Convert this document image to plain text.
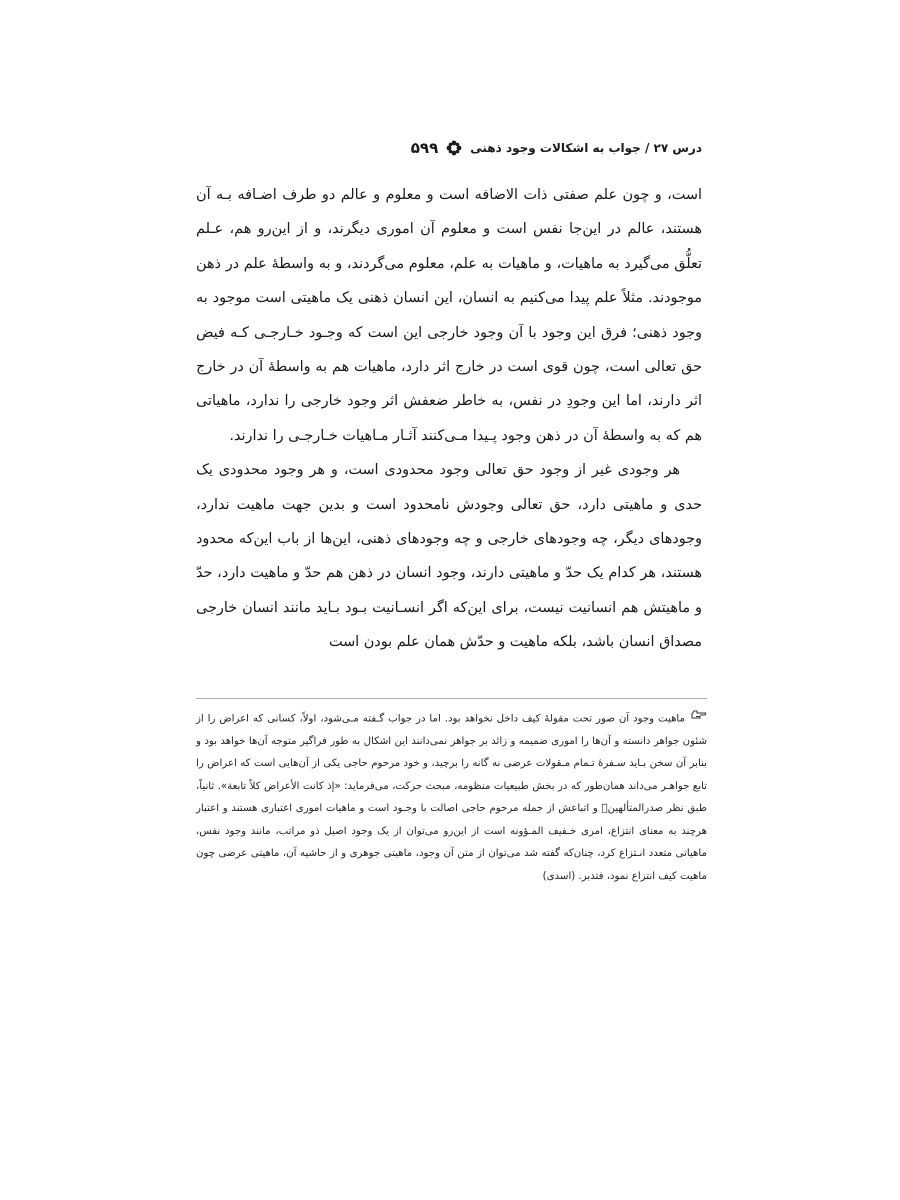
درس ۲۷ / جواب به اشکالات وجود ذهنی
۵۹۹

است، و چون علم صفتی ذات الاضافه است و معلوم و عالم دو طرف اضـافه بـه آن هستند، عالم در این‌جا نفس است و معلوم آن اموری دیگرند، و از این‌رو هم، عـلم تعلُّق می‌گیرد به ماهیات، و ماهیات به علم، معلوم می‌گردند، و به واسطهٔ علم در ذهن موجودند. مثلاً علم پیدا می‌کنیم به انسان، این انسان ذهنی یک ماهیتی است موجود به وجود ذهنی؛ فرق این وجود با آن وجود خارجی این است که وجـود خـارجـی کـه فیض حق تعالی است، چون قوی است در خارج اثر دارد، ماهیات هم به واسطهٔ آن در خارج اثر دارند، اما این وجودِ در نفس، به خاطر ضعفش اثر وجود خارجی را ندارد، ماهیاتی هم که به واسطهٔ آن در ذهن وجود پـیدا مـی‌کنند آثـار مـاهیات خـارجـی را ندارند.

هر وجودی غیر از وجود حق تعالی وجود محدودی است، و هر وجود محدودی یک حدی و ماهیتی دارد، حق تعالی وجودش نامحدود است و بدین جهت ماهیت ندارد، وجودهای دیگر، چه وجودهای خارجی و چه وجودهای ذهنی، این‌ها از باب این‌که محدود هستند، هر کدام یک حدّ و ماهیتی دارند، وجود انسان در ذهن هم حدّ و ماهیت دارد، حدّ و ماهیتش هم انسانیت نیست، برای این‌که اگر انسـانیت بـود بـاید مانند انسان خارجی مصداق انسان باشد، بلکه ماهیت و حدّش همان علم بودن است

ماهیت وجود آن صور تحت مقولهٔ کیف داخل نخواهد بود. اما در جواب گـفته مـی‌شود، اولاً، کسانی که اعراض را از شئون جواهر دانسته و آن‌ها را اموری ضمیمه و زائد بر جواهر نمی‌دانند این اشکال به طور فراگیر متوجه آن‌ها خواهد بود و بنابر آن سخن بـاید سـفرهٔ تـمام مـقولات عرضی نه گانه را برچید، و خود مرحوم حاجی یکی از آن‌هایی است که اعراض را تابع جواهـر می‌داند همان‌طور که در بخش طبیعیات منظومه، مبحث حرکت، می‌فرماید: «إذ کانت الأعراض کلاً تابعة». ثانیاً، طبق نظر صدرالمتألهین﷫ و اتباعش از جمله مرحوم حاجی اصالت با وجـود است و ماهیات اموری اعتباری هستند و اعتبار هرچند به معنای انتزاع، امری خـفیف المـؤونه است از این‌رو می‌توان از یک وجود اصیل ذو مراتب، مانند وجود نفس، ماهیاتی متعدد انـتزاع کرد، چنان‌که گفته شد می‌توان از متن آن وجود، ماهیتی جوهری و از حاشیه آن، ماهیتی عرضی چون ماهیت کیف انتزاع نمود، فتدبر. (اسدی)
